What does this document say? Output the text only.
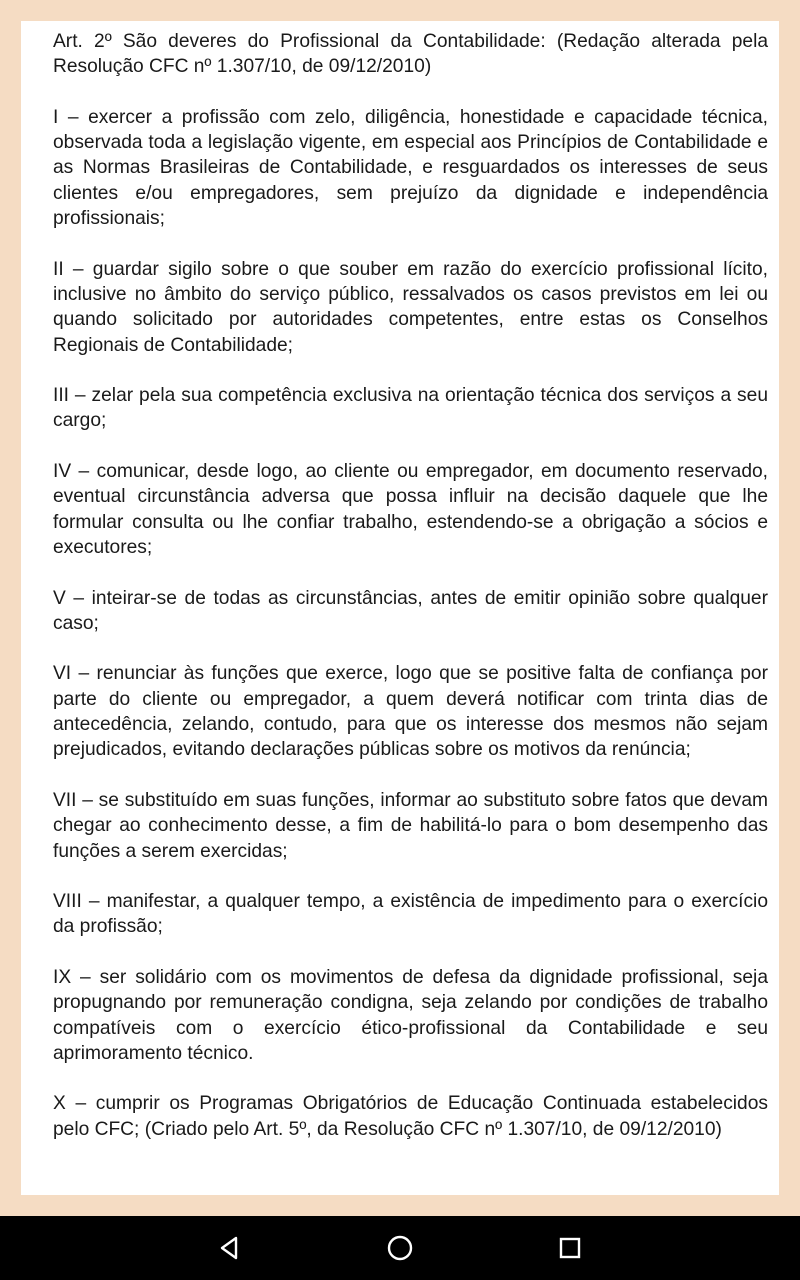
Art. 2º São deveres do Profissional da Contabilidade: (Redação alterada pela Resolução CFC nº 1.307/10, de 09/12/2010)

I – exercer a profissão com zelo, diligência, honestidade e capacidade técnica, observada toda a legislação vigente, em especial aos Princípios de Contabilidade e as Normas Brasileiras de Contabilidade, e resguardados os interesses de seus clientes e/ou empregadores, sem prejuízo da dignidade e independência profissionais;

II – guardar sigilo sobre o que souber em razão do exercício profissional lícito, inclusive no âmbito do serviço público, ressalvados os casos previstos em lei ou quando solicitado por autoridades competentes, entre estas os Conselhos Regionais de Contabilidade;

III – zelar pela sua competência exclusiva na orientação técnica dos serviços a seu cargo;

IV – comunicar, desde logo, ao cliente ou empregador, em documento reservado, eventual circunstância adversa que possa influir na decisão daquele que lhe formular consulta ou lhe confiar trabalho, estendendo-se a obrigação a sócios e executores;

V – inteirar-se de todas as circunstâncias, antes de emitir opinião sobre qualquer caso;

VI – renunciar às funções que exerce, logo que se positive falta de confiança por parte do cliente ou empregador, a quem deverá notificar com trinta dias de antecedência, zelando, contudo, para que os interesse dos mesmos não sejam prejudicados, evitando declarações públicas sobre os motivos da renúncia;

VII – se substituído em suas funções, informar ao substituto sobre fatos que devam chegar ao conhecimento desse, a fim de habilitá-lo para o bom desempenho das funções a serem exercidas;

VIII – manifestar, a qualquer tempo, a existência de impedimento para o exercício da profissão;

IX – ser solidário com os movimentos de defesa da dignidade profissional, seja propugnando por remuneração condigna, seja zelando por condições de trabalho compatíveis com o exercício ético-profissional da Contabilidade e seu aprimoramento técnico.

X – cumprir os Programas Obrigatórios de Educação Continuada estabelecidos pelo CFC; (Criado pelo Art. 5º, da Resolução CFC nº 1.307/10, de 09/12/2010)
